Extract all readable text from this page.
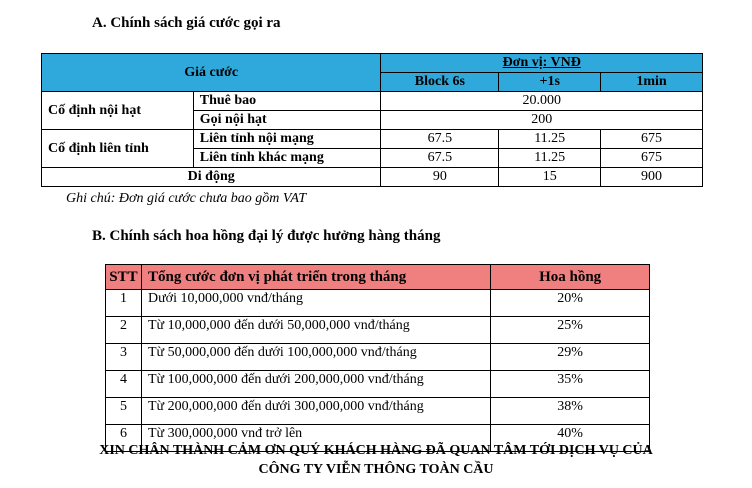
A. Chính sách giá cước gọi ra
Giá cước		Đơn vị: VNĐ		
		Block 6s	+1s	1min
Cố định nội hạt	Thuê bao	20.000		
	Gọi nội hạt	200		
Cố định liên tỉnh	Liên tỉnh nội mạng	67.5	11.25	675
	Liên tỉnh khác mạng	67.5	11.25	675
Di động		90	15	900
Ghi chú: Đơn giá cước chưa bao gồm VAT
B. Chính sách hoa hồng đại lý được hưởng hàng tháng
STT	Tổng cước đơn vị phát triển trong tháng	Hoa hồng
1	Dưới 10,000,000 vnđ/tháng	20%
2	Từ 10,000,000 đến dưới 50,000,000 vnđ/tháng	25%
3	Từ 50,000,000 đến dưới 100,000,000 vnđ/tháng	29%
4	Từ 100,000,000 đến dưới 200,000,000 vnđ/tháng	35%
5	Từ 200,000,000 đến dưới 300,000,000 vnđ/tháng	38%
6	Từ 300,000,000 vnđ trở lên	40%
XIN CHÂN THÀNH CẢM ƠN QUÝ KHÁCH HÀNG ĐÃ QUAN TÂM TỚI DỊCH VỤ CỦA
CÔNG TY VIỄN THÔNG TOÀN CẦU
